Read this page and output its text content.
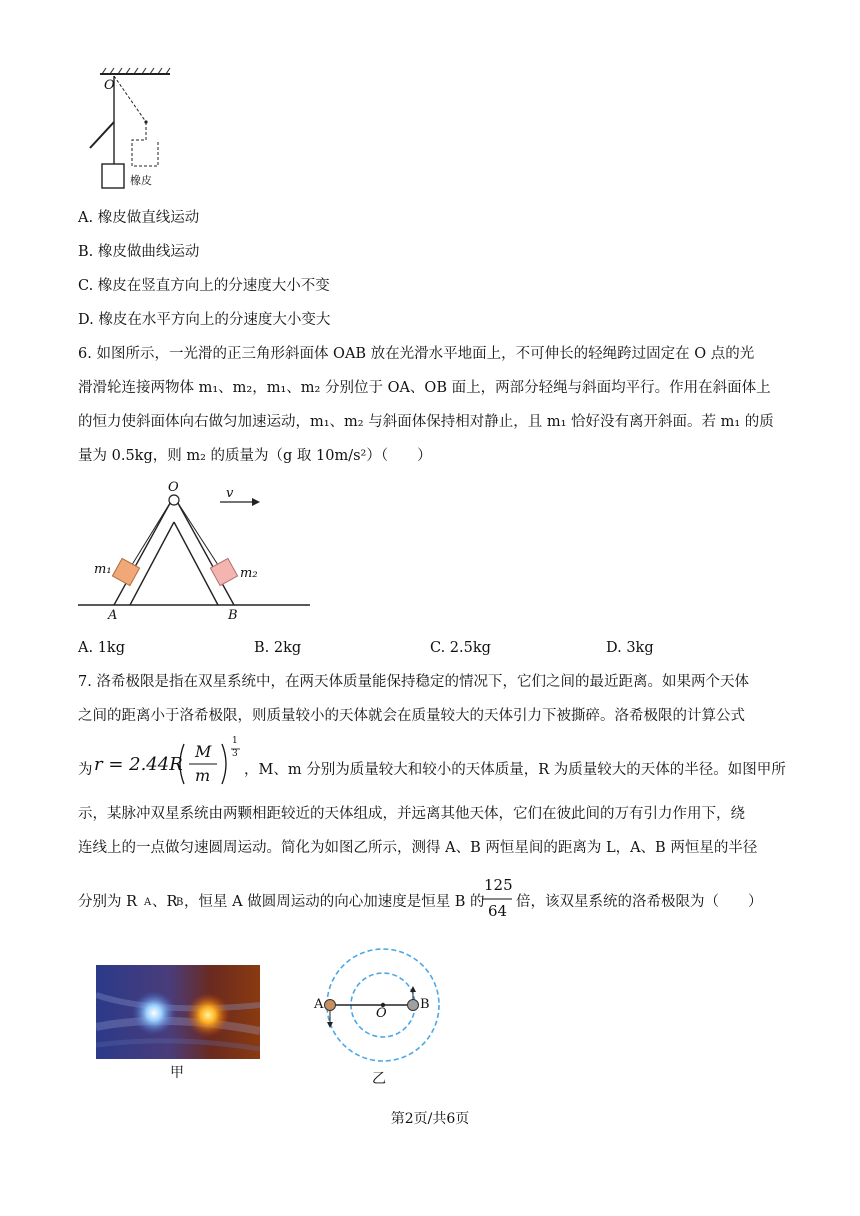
O
橡皮
A. 橡皮做直线运动
B. 橡皮做曲线运动
C. 橡皮在竖直方向上的分速度大小不变
D. 橡皮在水平方向上的分速度大小变大
6. 如图所示，一光滑的正三角形斜面体 OAB 放在光滑水平地面上，不可伸长的轻绳跨过固定在 O 点的光
滑滑轮连接两物体 m₁、m₂，m₁、m₂ 分别位于 OA、OB 面上，两部分轻绳与斜面均平行。作用在斜面体上
的恒力使斜面体向右做匀加速运动，m₁、m₂ 与斜面体保持相对静止，且 m₁ 恰好没有离开斜面。若 m₁ 的质
量为 0.5kg，则 m₂ 的质量为（g 取 10m/s²）（　　）
O	v
m₁	m₂
A	B
A. 1kg	B. 2kg	C. 2.5kg	D. 3kg
7. 洛希极限是指在双星系统中，在两天体质量能保持稳定的情况下，它们之间的最近距离。如果两个天体
之间的距离小于洛希极限，则质量较小的天体就会在质量较大的天体引力下被撕碎。洛希极限的计算公式
为 r = 2.44R
M
m
1
3
，M、m 分别为质量较大和较小的天体质量，R 为质量较大的天体的半径。如图甲所
示，某脉冲双星系统由两颗相距较近的天体组成，并远离其他天体，它们在彼此间的万有引力作用下，绕
连线上的一点做匀速圆周运动。简化为如图乙所示，测得 A、B 两恒星间的距离为 L，A、B 两恒星的半径
分别为 R A 、R
B ，恒星 A 做圆周运动的向心加速度是恒星 B 的
125
64 倍，该双星系统的洛希极限为（　　）
甲
A	B
O
乙
第2页/共6页
